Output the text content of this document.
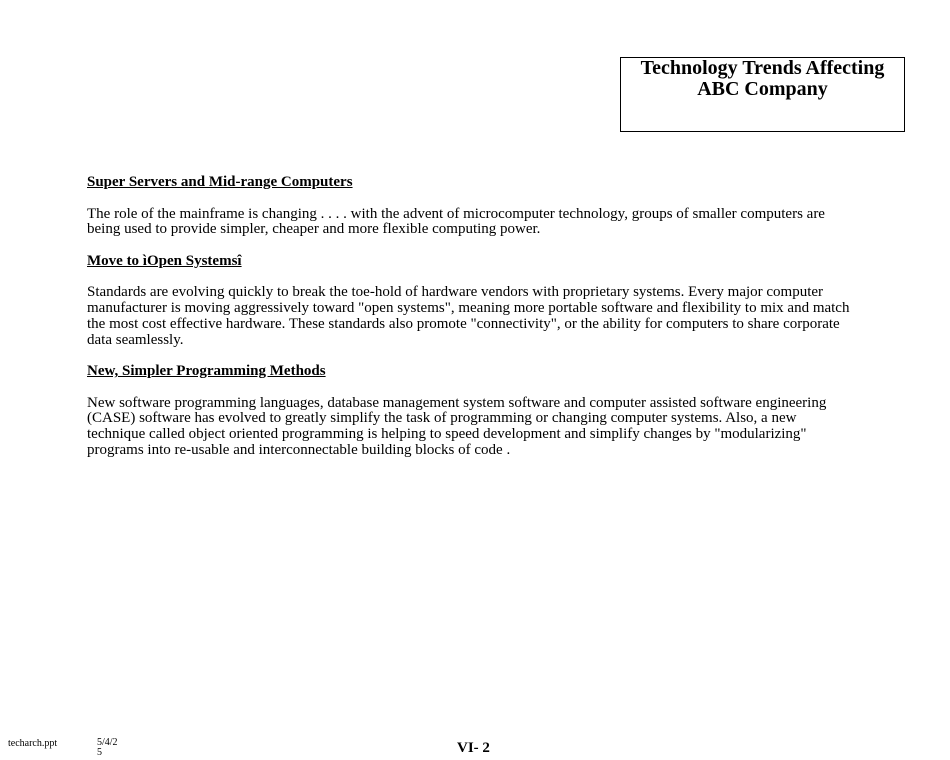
Technology Trends Affecting
ABC Company

Super Servers and Mid-range Computers

The role of the mainframe is changing . . . . with the advent of microcomputer technology, groups of smaller computers are being used to provide simpler, cheaper and more flexible computing power.

Move to ìOpen Systemsî

Standards are evolving quickly to break the toe-hold of hardware vendors with proprietary systems. Every major computer manufacturer is moving aggressively toward "open systems", meaning more portable software and flexibility to mix and match the most cost effective hardware. These standards also promote "connectivity", or the ability for computers to share corporate data seamlessly.

New, Simpler Programming Methods

New software programming languages, database management system software and computer assisted software engineering (CASE) software has evolved to greatly simplify the task of programming or changing computer systems. Also, a new technique called object oriented programming is helping to speed development and simplify changes by "modularizing" programs into re-usable and interconnectable building blocks of code .

techarch.ppt	5/4/25	VI- 2
